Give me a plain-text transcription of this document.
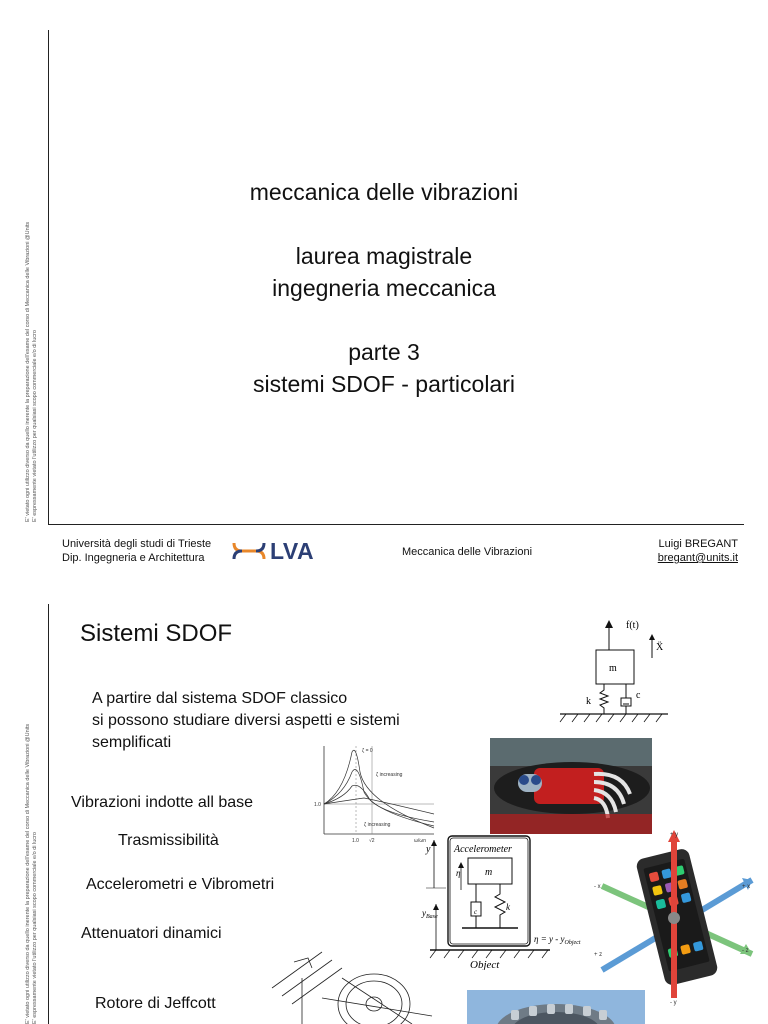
E' vietato ogni utilizzo diverso da quello inerente la preparazione dell'esame del corso di Meccanica delle Vibrazioni @Units E' espressamente vietato l'utilizzo per qualsiasi scopo commerciale e/o di lucro
meccanica delle vibrazioni
laurea magistrale
ingegneria meccanica
parte 3
sistemi SDOF - particolari
Università degli studi di Trieste
Dip. Ingegneria e Architettura	LVA	Meccanica delle Vibrazioni
Luigi BREGANT
bregant@units.it
E' vietato ogni utilizzo diverso da quello inerente la preparazione dell'esame del corso di Meccanica delle Vibrazioni @Units E' espressamente vietato l'utilizzo per qualsiasi scopo commerciale e/o di lucro
Sistemi SDOF
A partire dal sistema SDOF classico
si possono studiare diversi aspetti e sistemi
semplificati
Vibrazioni indotte all base
Trasmissibilità
Accelerometri e Vibrometri
Attenuatori dinamici
Rotore di Jeffcott
f(t)
Ẍ
m
k
c
ζ = 0
ζ increasing
ζ increasing
1.0
1.0 √2	ω/ωn
Accelerometer
m
c	k
η
y
$y_{Base}$
$\eta = y - y_{Object}$
Object
+ y
- x	+ x
- z
+ z
- y
